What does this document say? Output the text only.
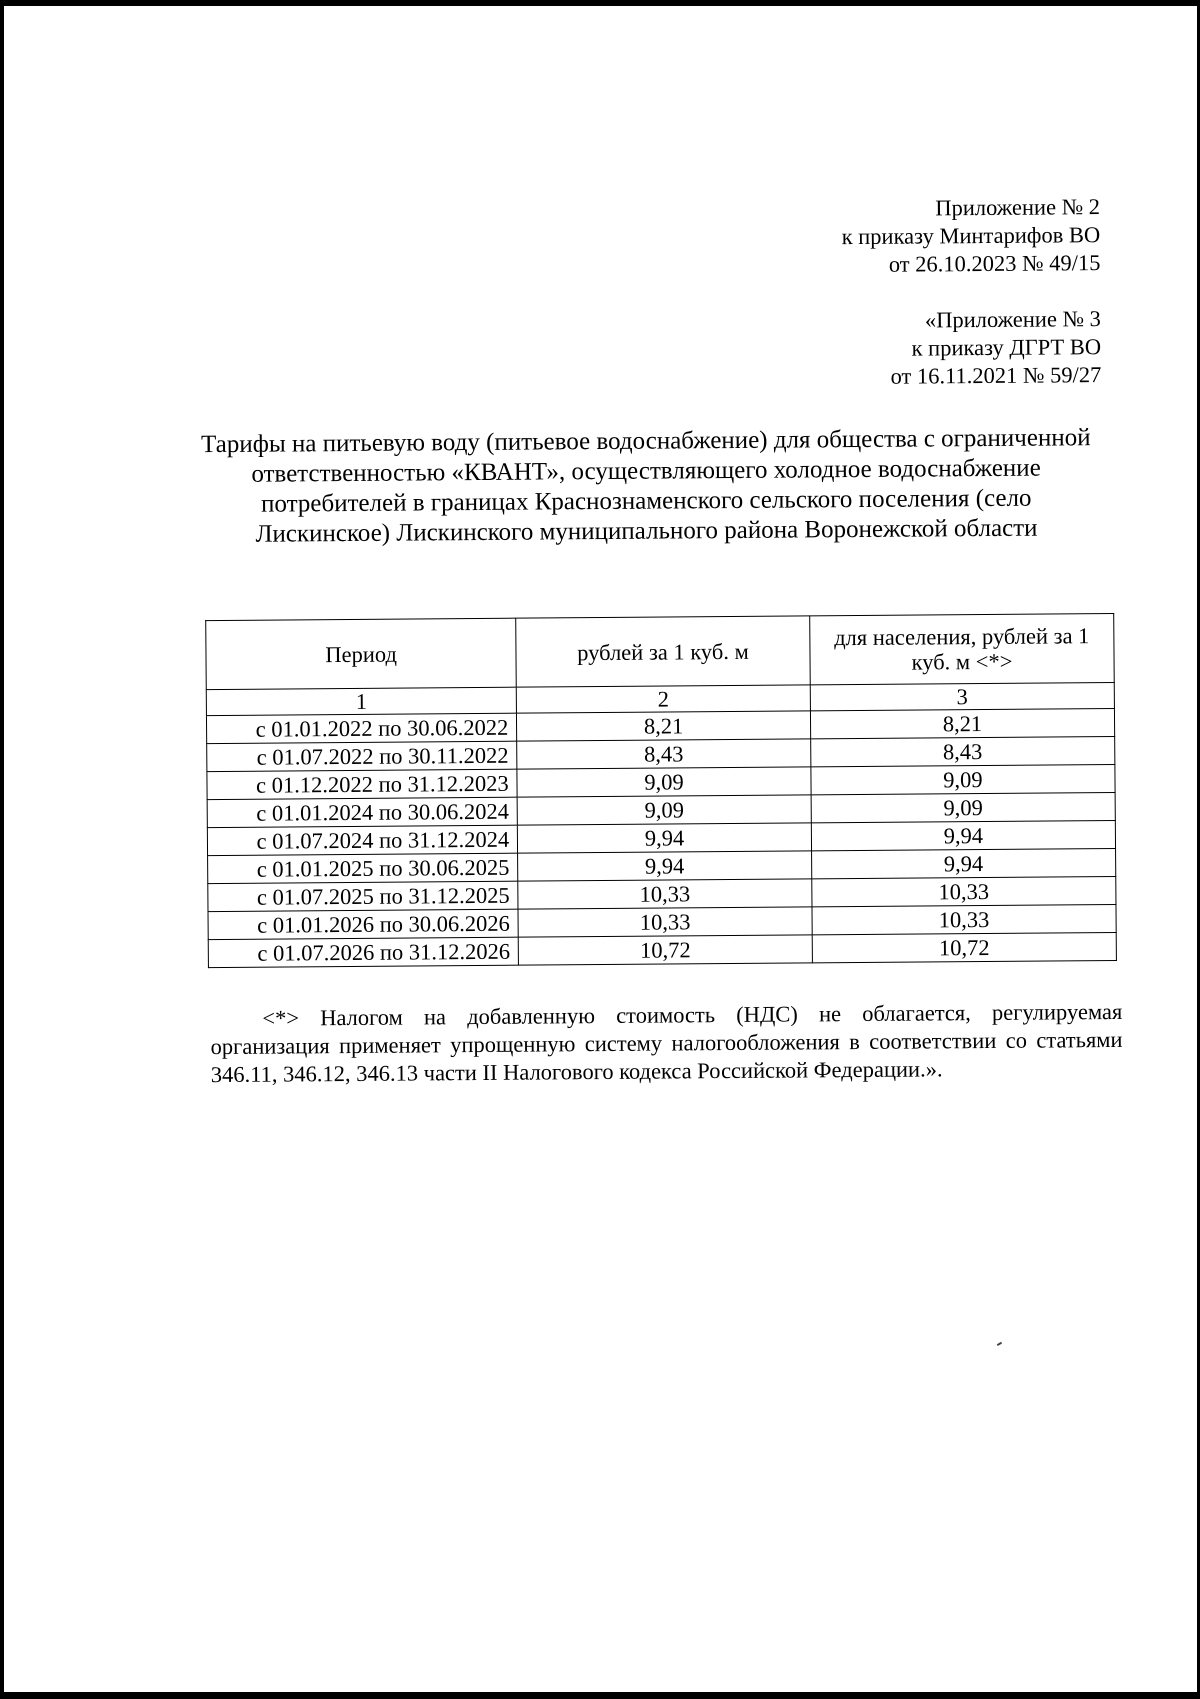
Приложение № 2
к приказу Минтарифов ВО
от 26.10.2023 № 49/15
«Приложение № 3
к приказу ДГРТ ВО
от 16.11.2021 № 59/27
Тарифы на питьевую воду (питьевое водоснабжение) для общества с ограниченной ответственностью «КВАНТ», осуществляющего холодное водоснабжение потребителей в границах Краснознаменского сельского поселения (село Лискинское) Лискинского муниципального района Воронежской области
Период	рублей за 1 куб. м	для населения, рублей за 1 куб. м <*>
1	2	3
с 01.01.2022 по 30.06.2022	8,21	8,21
с 01.07.2022 по 30.11.2022	8,43	8,43
с 01.12.2022 по 31.12.2023	9,09	9,09
с 01.01.2024 по 30.06.2024	9,09	9,09
с 01.07.2024 по 31.12.2024	9,94	9,94
с 01.01.2025 по 30.06.2025	9,94	9,94
с 01.07.2025 по 31.12.2025	10,33	10,33
с 01.01.2026 по 30.06.2026	10,33	10,33
с 01.07.2026 по 31.12.2026	10,72	10,72

<*> Налогом на добавленную стоимость (НДС) не облагается, регулируемая организация применяет упрощенную систему налогообложения в соответствии со статьями 346.11, 346.12, 346.13 части II Налогового кодекса Российской Федерации.».
